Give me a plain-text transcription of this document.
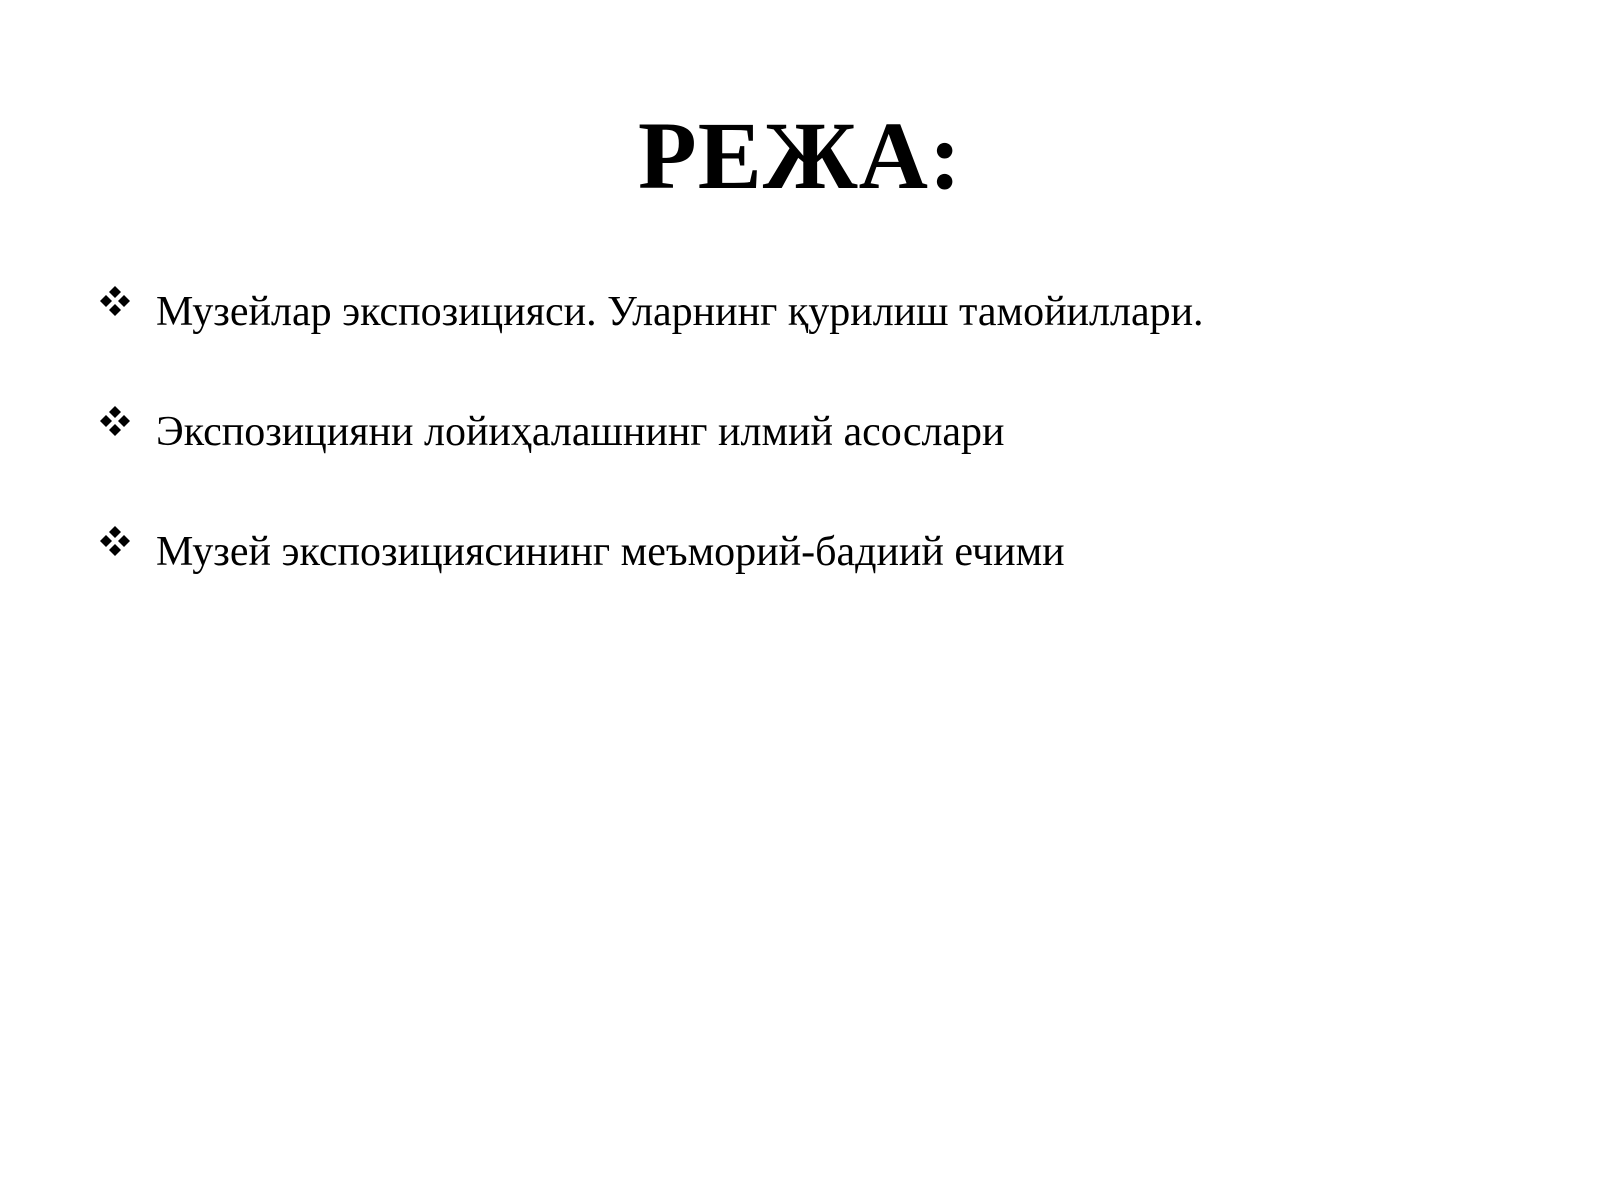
РЕЖА:
Музейлар экспозицияси. Уларнинг қурилиш тамойиллари.
Экспозицияни лойиҳалашнинг илмий асослари
Музей экспозициясининг меъморий-бадиий ечими
